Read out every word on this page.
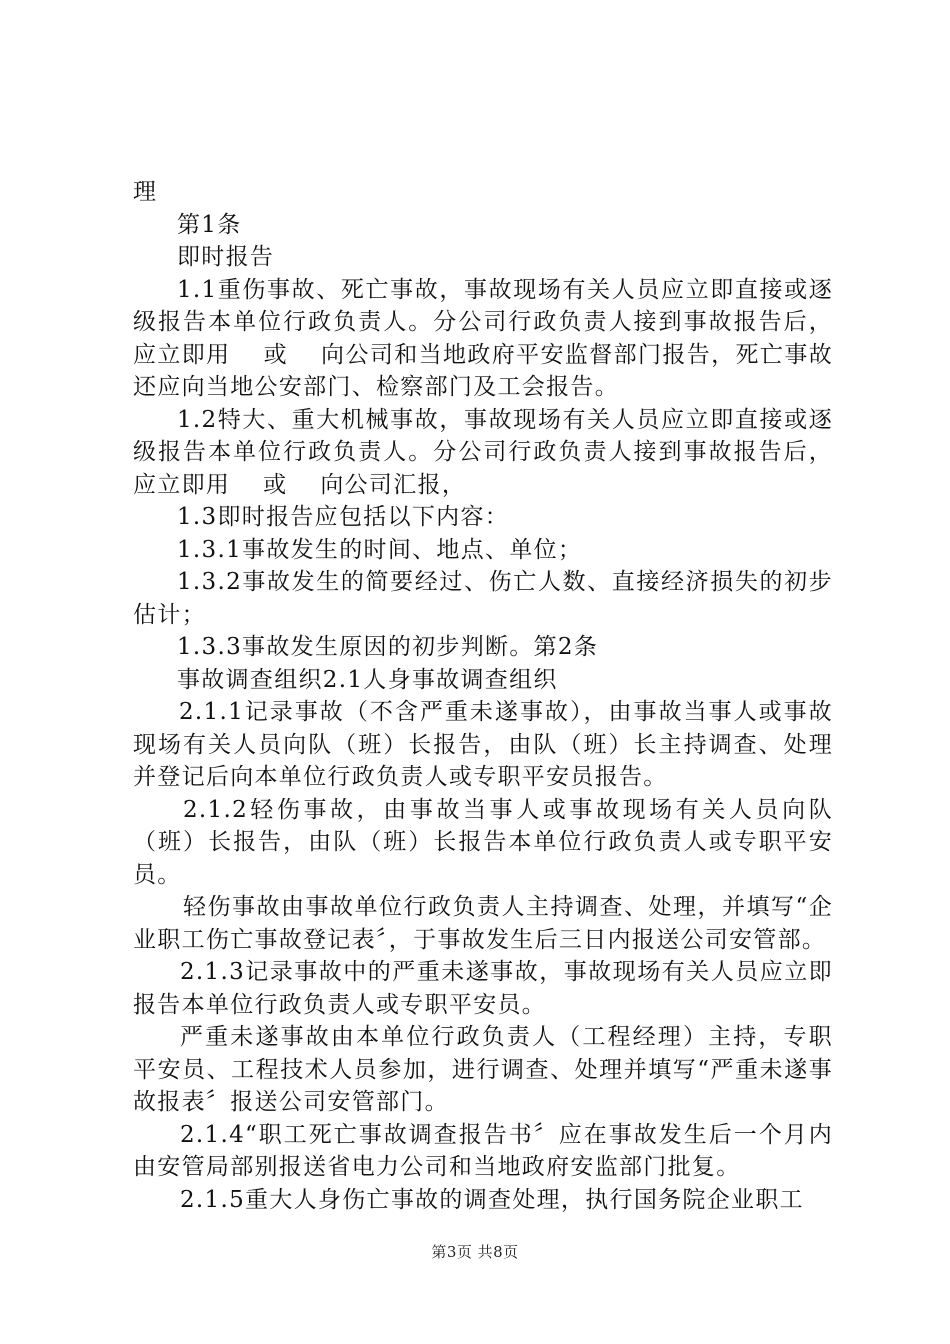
理

第1条

即时报告

1.1重伤事故、死亡事故，事故现场有关人员应立即直接或逐级报告本单位行政负责人。分公司行政负责人接到事故报告后，应立即用　 或　 向公司和当地政府平安监督部门报告，死亡事故还应向当地公安部门、检察部门及工会报告。

1.2特大、重大机械事故，事故现场有关人员应立即直接或逐级报告本单位行政负责人。分公司行政负责人接到事故报告后，应立即用　 或　 向公司汇报，

1.3即时报告应包括以下内容：

1.3.1事故发生的时间、地点、单位；

1.3.2事故发生的简要经过、伤亡人数、直接经济损失的初步估计；

1.3.3事故发生原因的初步判断。第2条

事故调查组织2.1人身事故调查组织

2.1.1记录事故（不含严重未遂事故），由事故当事人或事故现场有关人员向队（班）长报告，由队（班）长主持调查、处理并登记后向本单位行政负责人或专职平安员报告。

2.1.2轻伤事故，由事故当事人或事故现场有关人员向队（班）长报告，由队（班）长报告本单位行政负责人或专职平安员。

轻伤事故由事故单位行政负责人主持调查、处理，并填写“企业职工伤亡事故登记表〞，于事故发生后三日内报送公司安管部。

2.1.3记录事故中的严重未遂事故，事故现场有关人员应立即报告本单位行政负责人或专职平安员。

严重未遂事故由本单位行政负责人（工程经理）主持，专职平安员、工程技术人员参加，进行调查、处理并填写“严重未遂事故报表〞报送公司安管部门。

2.1.4“职工死亡事故调查报告书〞应在事故发生后一个月内由安管局部别报送省电力公司和当地政府安监部门批复。

2.1.5重大人身伤亡事故的调查处理，执行国务院企业职工

第3页 共8页
